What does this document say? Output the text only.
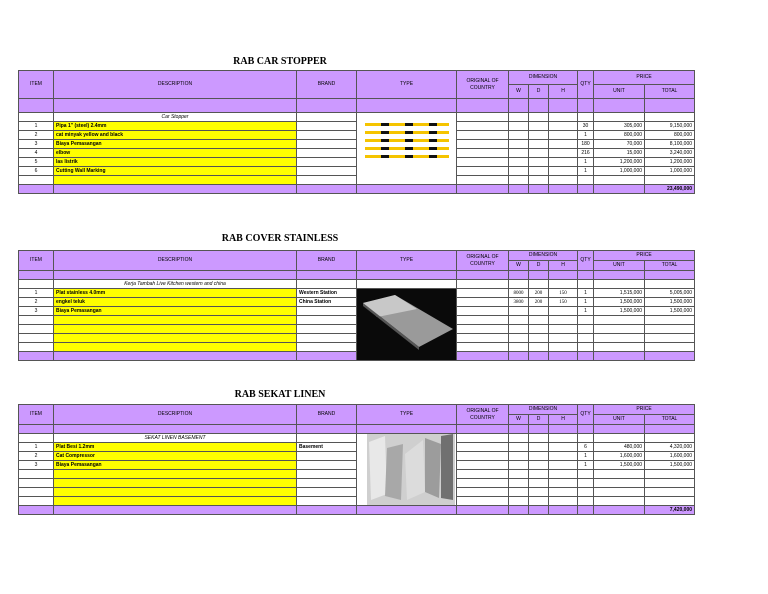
RAB CAR STOPPER
ITEM	DESCRIPTION	BRAND	TYPE	ORIGINAL OF COUNTRY	DIMENSION			QTY	PRICE	
					W	D	H		UNIT	TOTAL

	Car Stopper		

1	Pipa 1" (steel) 2.4mm							30	305,000	9,150,000
2	cat minyak yellow and black							1	800,000	800,000
3	Biaya Pemasangan							180	70,000	8,100,000
4	elbow							216	15,000	3,240,000
5	las listrik							1	1,200,000	1,200,000
6	Cutting Wall Marking							1	1,000,000	1,000,000

										23,490,000
RAB COVER STAINLESS
ITEM	DESCRIPTION	BRAND	TYPE	ORIGINAL OF COUNTRY	DIMENSION			QTY	PRICE		
					W	D	H		UNIT	TOTAL	

	Kerja Tambah Live Kitchen western and china										
1	Plat stainless 4.0mm	Western Station			8000	200	150	1	1,515,000	5,005,000	
2	engkel teluk	China Station			3800	200	150	1	1,500,000	1,500,000	
3	Biaya Pemasangan							1	1,500,000	1,500,000	

RAB SEKAT LINEN
ITEM	DESCRIPTION	BRAND	TYPE	ORIGINAL OF COUNTRY	DIMENSION			QTY	PRICE	
					W	D	H		UNIT	TOTAL

	SEKAT LINEN BASEMENT		

1	Plat Besi 1.2mm	Basement						6	480,000	4,320,000
2	Cat Compressor							1	1,600,000	1,600,000
3	Biaya Pemasangan							1	1,500,000	1,500,000

										7,420,000
